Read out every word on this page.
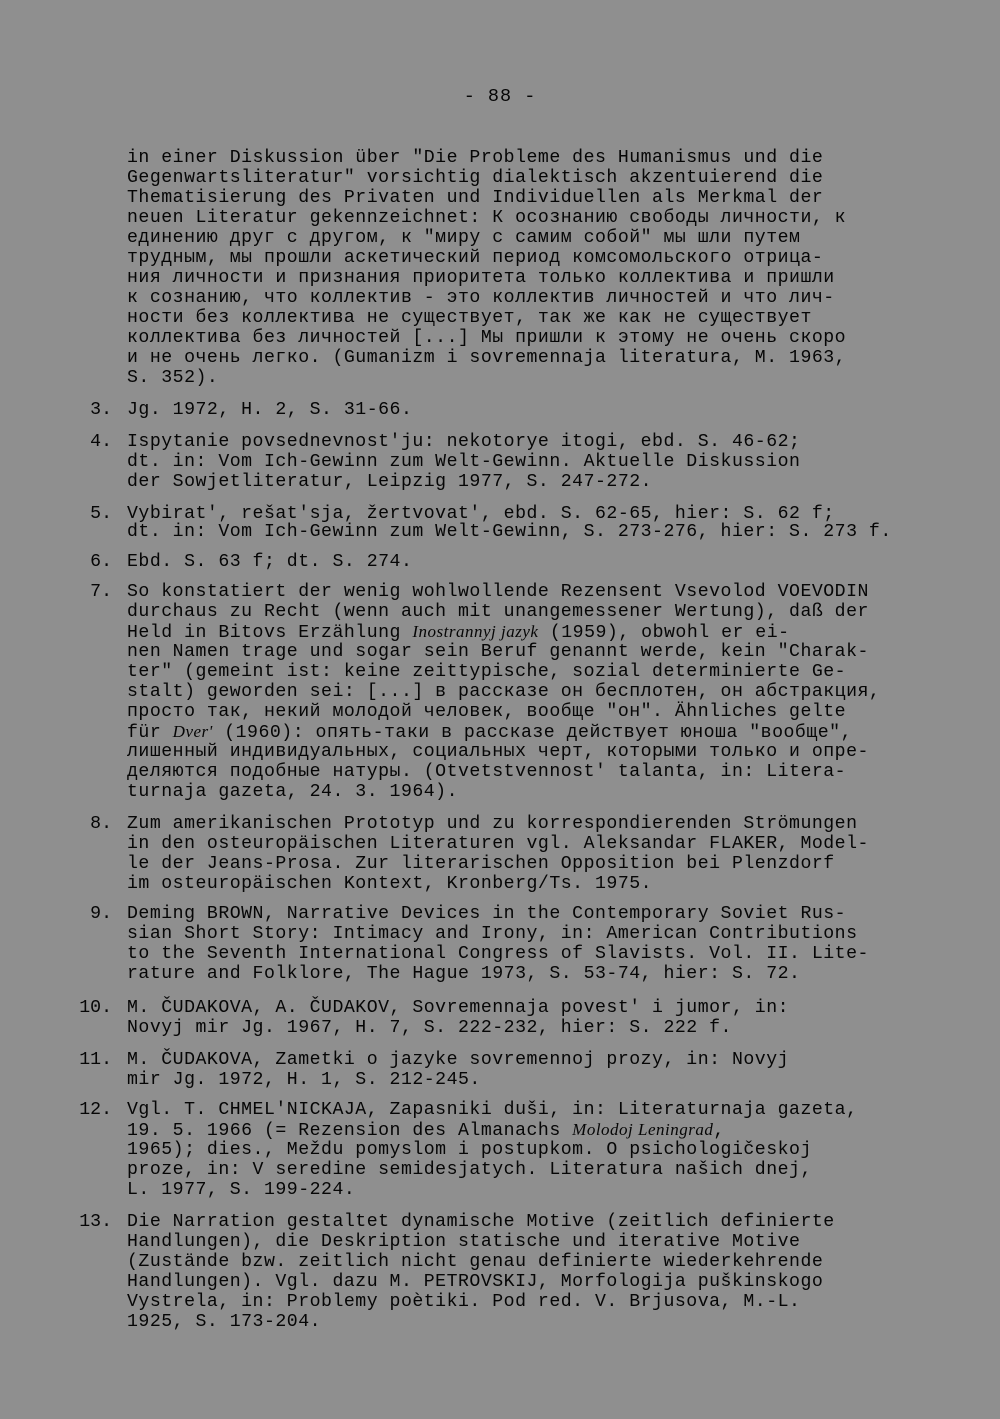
- 88 -
in einer Diskussion über "Die Probleme des Humanismus und die
Gegenwartsliteratur" vorsichtig dialektisch akzentuierend die
Thematisierung des Privaten und Individuellen als Merkmal der
neuen Literatur gekennzeichnet: К осознанию свободы личности, к
единению друг с другом, к "миру с самим собой" мы шли путем
трудным, мы прошли аскетический период комсомольского отрица-
ния личности и признания приоритета только коллектива и пришли
к сознанию, что коллектив - это коллектив личностей и что лич-
ности без коллектива не существует, так же как не существует
коллектива без личностей [...] Мы пришли к этому не очень скоро
и не очень легко. (Gumanizm i sovremennaja literatura, M. 1963,
S. 352).
3. Jg. 1972, H. 2, S. 31-66.
4. Ispytanie povsednevnost'ju: nekotorye itogi, ebd. S. 46-62;
dt. in: Vom Ich-Gewinn zum Welt-Gewinn. Aktuelle Diskussion
der Sowjetliteratur, Leipzig 1977, S. 247-272.
5. Vybirat', rešat'sja, žertvovat', ebd. S. 62-65, hier: S. 62 f;
dt. in: Vom Ich-Gewinn zum Welt-Gewinn, S. 273-276, hier: S. 273 f.
6. Ebd. S. 63 f; dt. S. 274.
7. So konstatiert der wenig wohlwollende Rezensent Vsevolod VOEVODIN
durchaus zu Recht (wenn auch mit unangemessener Wertung), daß der
Held in Bitovs Erzählung Inostrannyj jazyk (1959), obwohl er ei-
nen Namen trage und sogar sein Beruf genannt werde, kein "Charak-
ter" (gemeint ist: keine zeittypische, sozial determinierte Ge-
stalt) geworden sei: [...] в рассказе он бесплотен, он абстракция,
просто так, некий молодой человек, вообще "он". Ähnliches gelte
für Dver' (1960): опять-таки в рассказе действует юноша "вообще",
лишенный индивидуальных, социальных черт, которыми только и опре-
деляются подобные натуры. (Otvetstvennost' talanta, in: Litera-
turnaja gazeta, 24. 3. 1964).
8. Zum amerikanischen Prototyp und zu korrespondierenden Strömungen
in den osteuropäischen Literaturen vgl. Aleksandar FLAKER, Model-
le der Jeans-Prosa. Zur literarischen Opposition bei Plenzdorf
im osteuropäischen Kontext, Kronberg/Ts. 1975.
9. Deming BROWN, Narrative Devices in the Contemporary Soviet Rus-
sian Short Story: Intimacy and Irony, in: American Contributions
to the Seventh International Congress of Slavists. Vol. II. Lite-
rature and Folklore, The Hague 1973, S. 53-74, hier: S. 72.
10. M. ČUDAKOVA, A. ČUDAKOV, Sovremennaja povest' i jumor, in:
Novyj mir Jg. 1967, H. 7, S. 222-232, hier: S. 222 f.
11. M. ČUDAKOVA, Zametki o jazyke sovremennoj prozy, in: Novyj
mir Jg. 1972, H. 1, S. 212-245.
12. Vgl. T. CHMEL'NICKAJA, Zapasniki duši, in: Literaturnaja gazeta,
19. 5. 1966 (= Rezension des Almanachs Molodoj Leningrad,
1965); dies., Meždu pomyslom i postupkom. O psichologičeskoj
proze, in: V seredine semidesjatych. Literatura našich dnej,
L. 1977, S. 199-224.
13. Die Narration gestaltet dynamische Motive (zeitlich definierte
Handlungen), die Deskription statische und iterative Motive
(Zustände bzw. zeitlich nicht genau definierte wiederkehrende
Handlungen). Vgl. dazu M. PETROVSKIJ, Morfologija puškinskogo
Vystrela, in: Problemy poètiki. Pod red. V. Brjusova, M.-L.
1925, S. 173-204.
